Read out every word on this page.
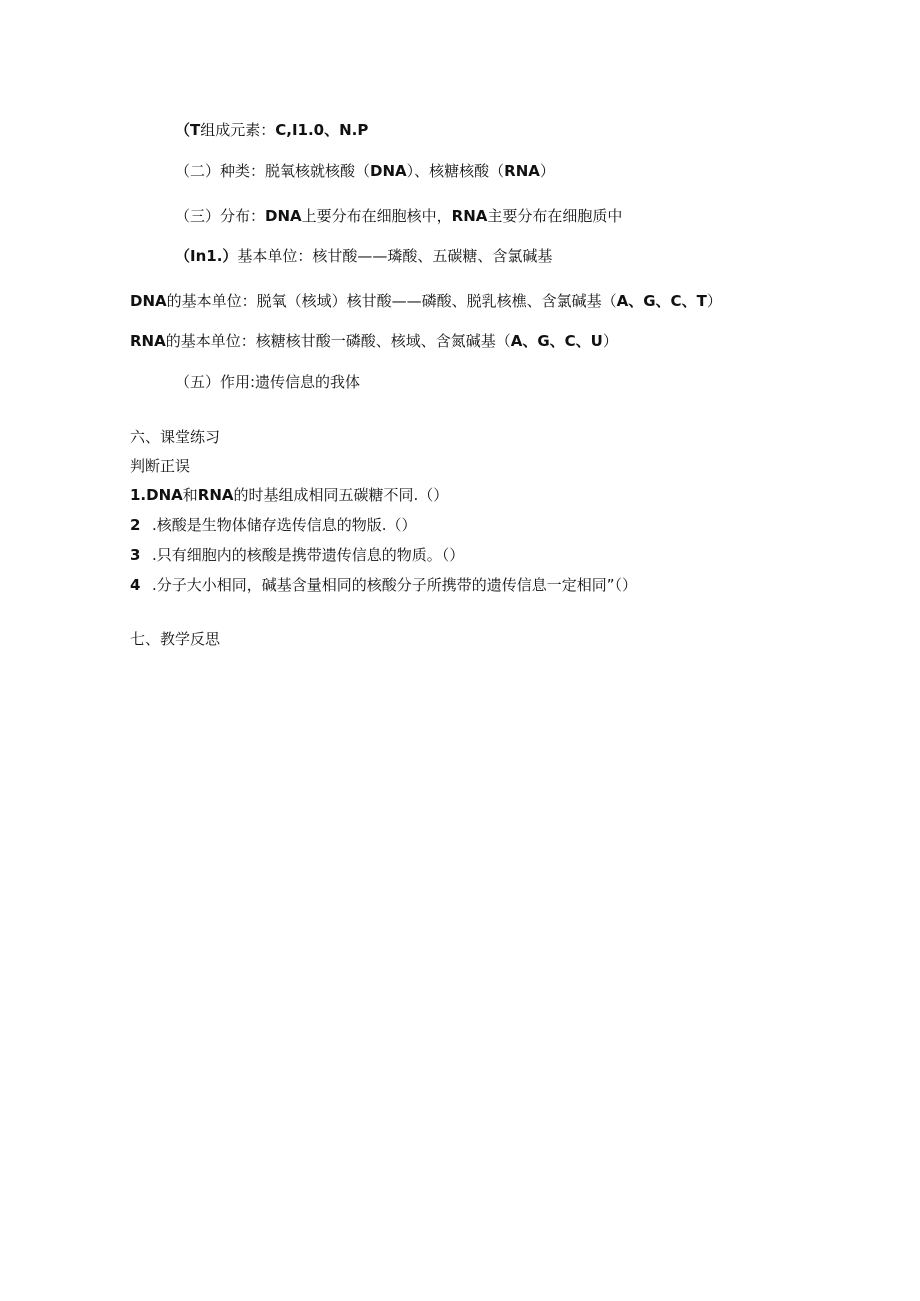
（T组成元素：C,I1.0、N.P
（二）种类：脱氧核就核酸（DNA）、核糖核酸（RNA）
（三）分布：DNA上要分布在细胞核中，RNA主要分布在细胞质中
（In1.）基本单位：核甘酸——璘酸、五碳糖、含氯碱基
DNA的基本单位：脱氧（核域）核甘酸——磷酸、脱乳核樵、含氯碱基（A、G、C、T）
RNA的基本单位：核糖核甘酸一磷酸、核域、含氮碱基（A、G、C、U）
（五）作用:遗传信息的我体
六、课堂练习
判断正误
1.DNA和RNA的时基组成相同五碳糖不同.（）
2 .核酸是生物体储存选传信息的物版.（）
3 .只有细胞内的核酸是携带遗传信息的物质。（）
4 .分子大小相同，碱基含量相同的核酸分子所携带的遗传信息一定相同”（）
七、教学反思
